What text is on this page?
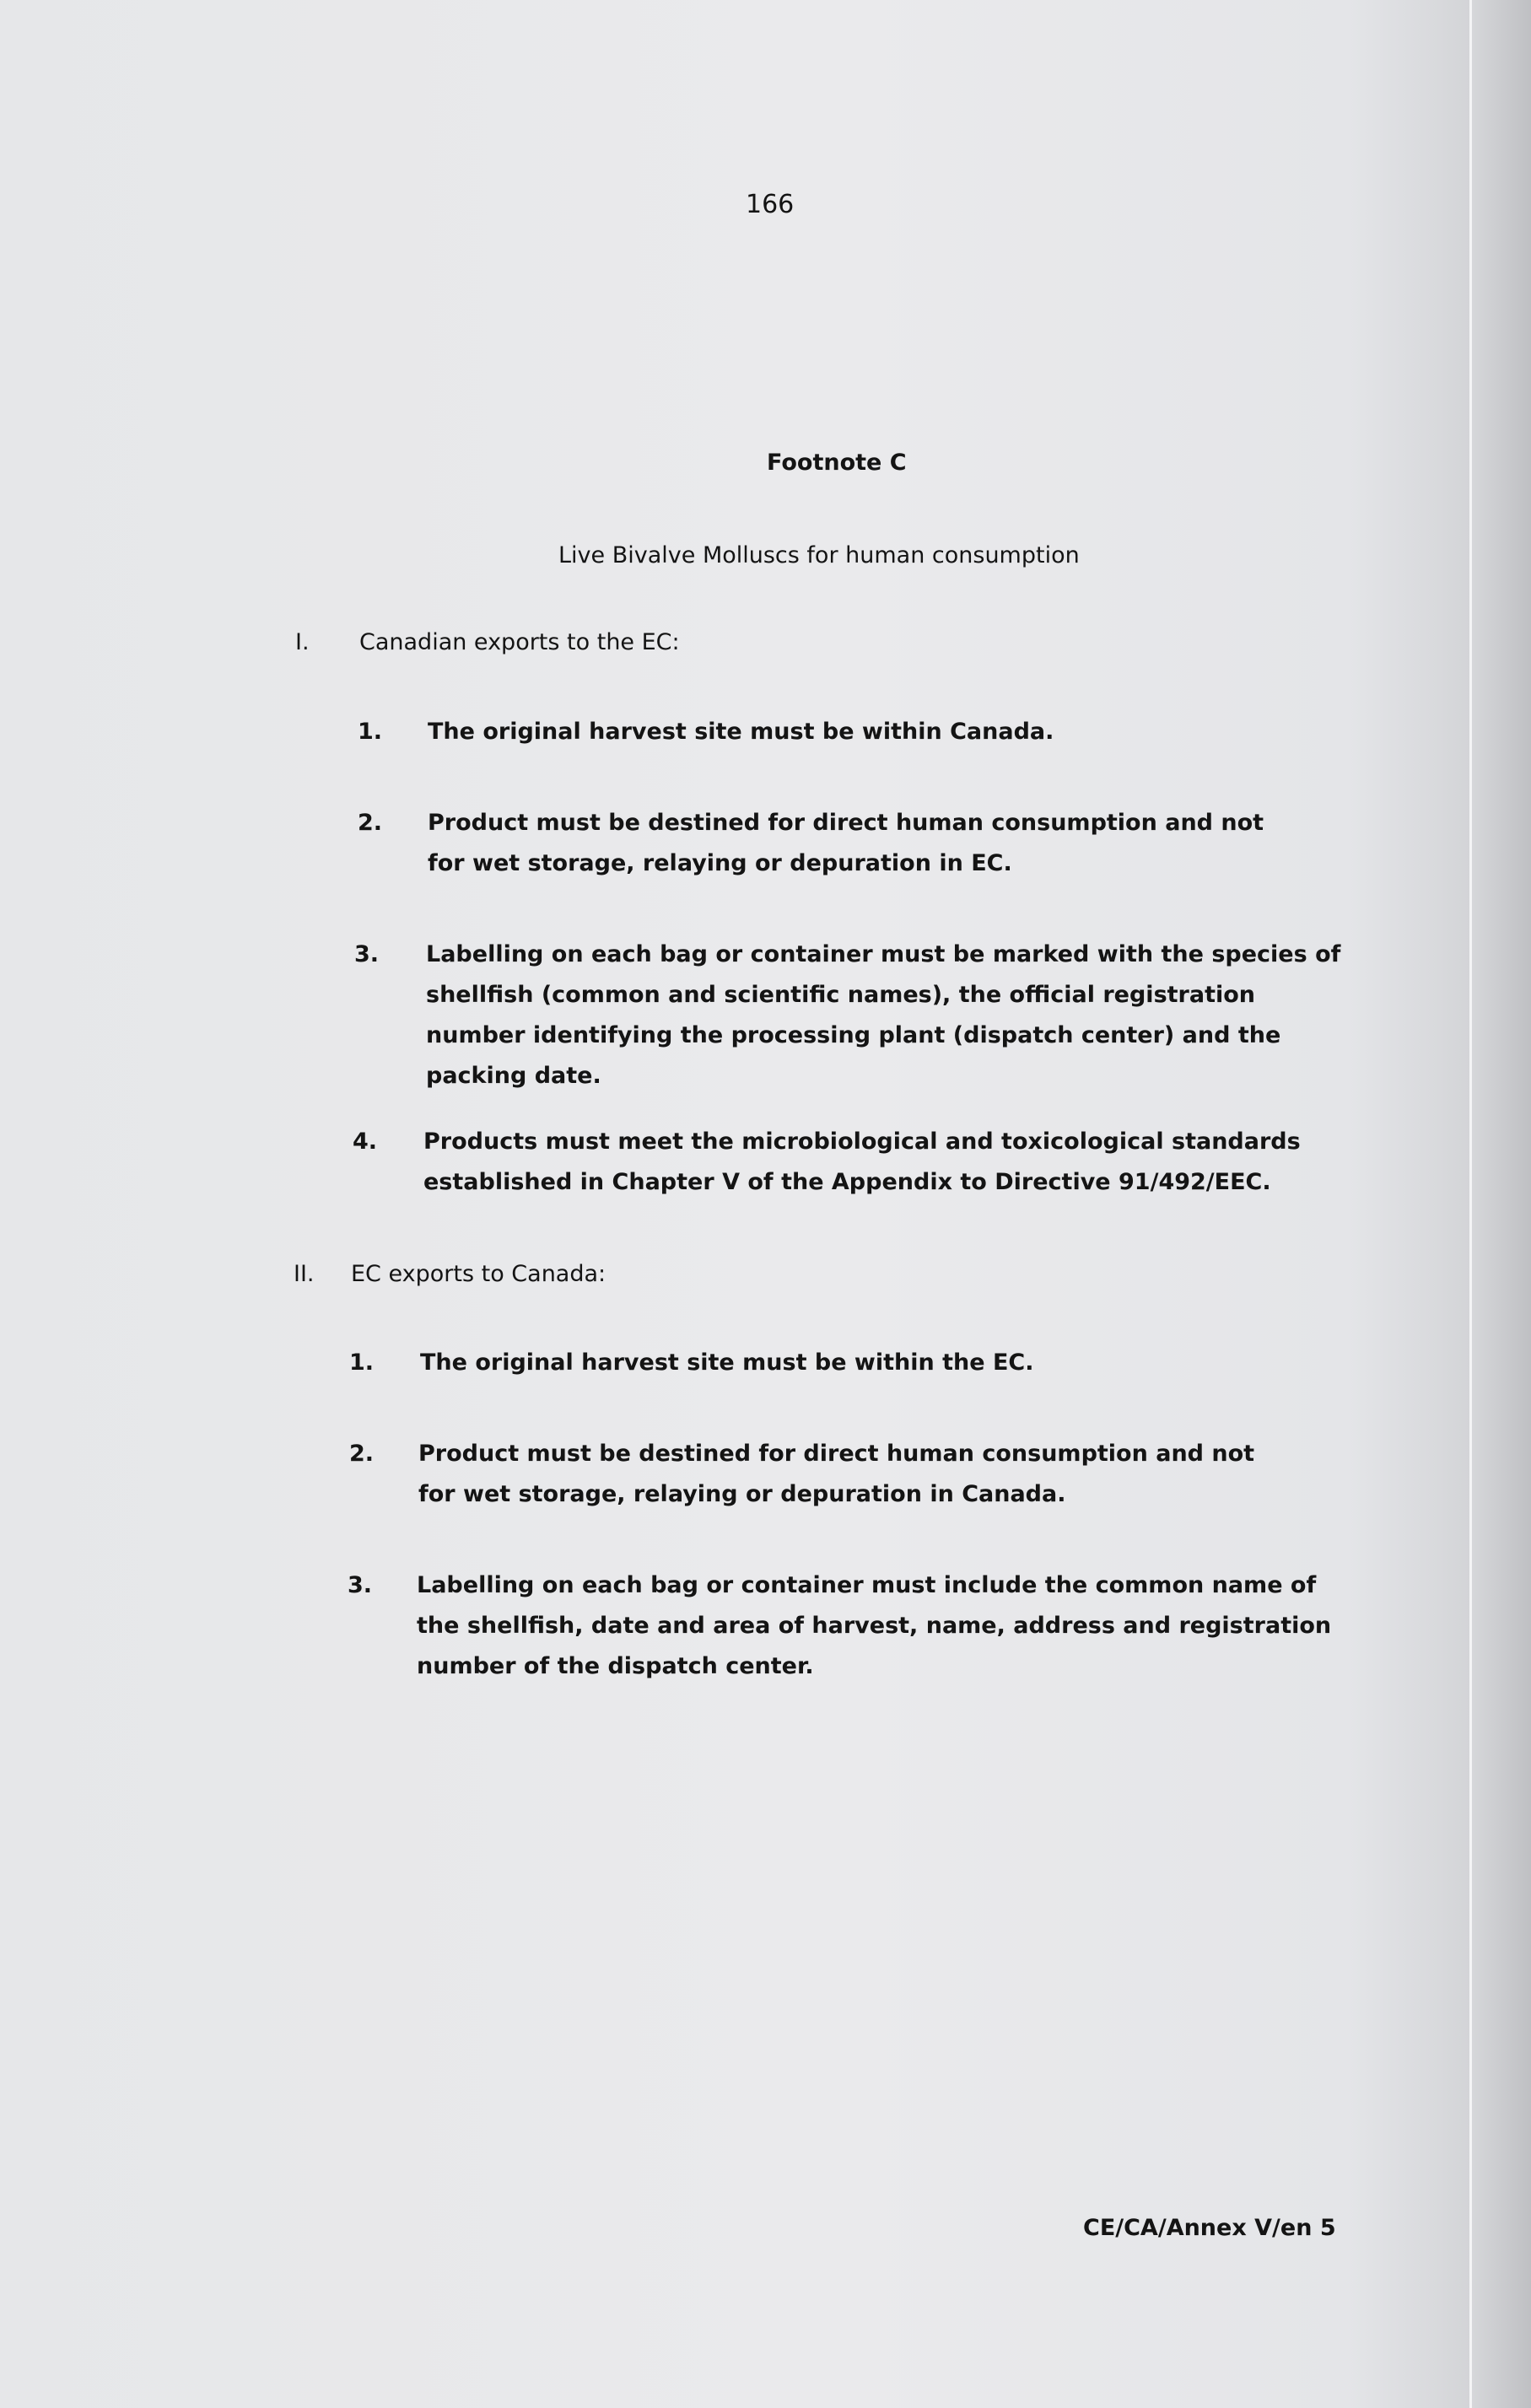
166
Footnote C
Live Bivalve Molluscs for human consumption
I. Canadian exports to the EC:
1. The original harvest site must be within Canada.
2. Product must be destined for direct human consumption and not for wet storage, relaying or depuration in EC.
3. Labelling on each bag or container must be marked with the species of shellfish (common and scientific names), the official registration number identifying the processing plant (dispatch center) and the packing date.
4. Products must meet the microbiological and toxicological standards established in Chapter V of the Appendix to Directive 91/492/EEC.
II. EC exports to Canada:
1. The original harvest site must be within the EC.
2. Product must be destined for direct human consumption and not for wet storage, relaying or depuration in Canada.
3. Labelling on each bag or container must include the common name of the shellfish, date and area of harvest, name, address and registration number of the dispatch center.
CE/CA/Annex V/en 5
